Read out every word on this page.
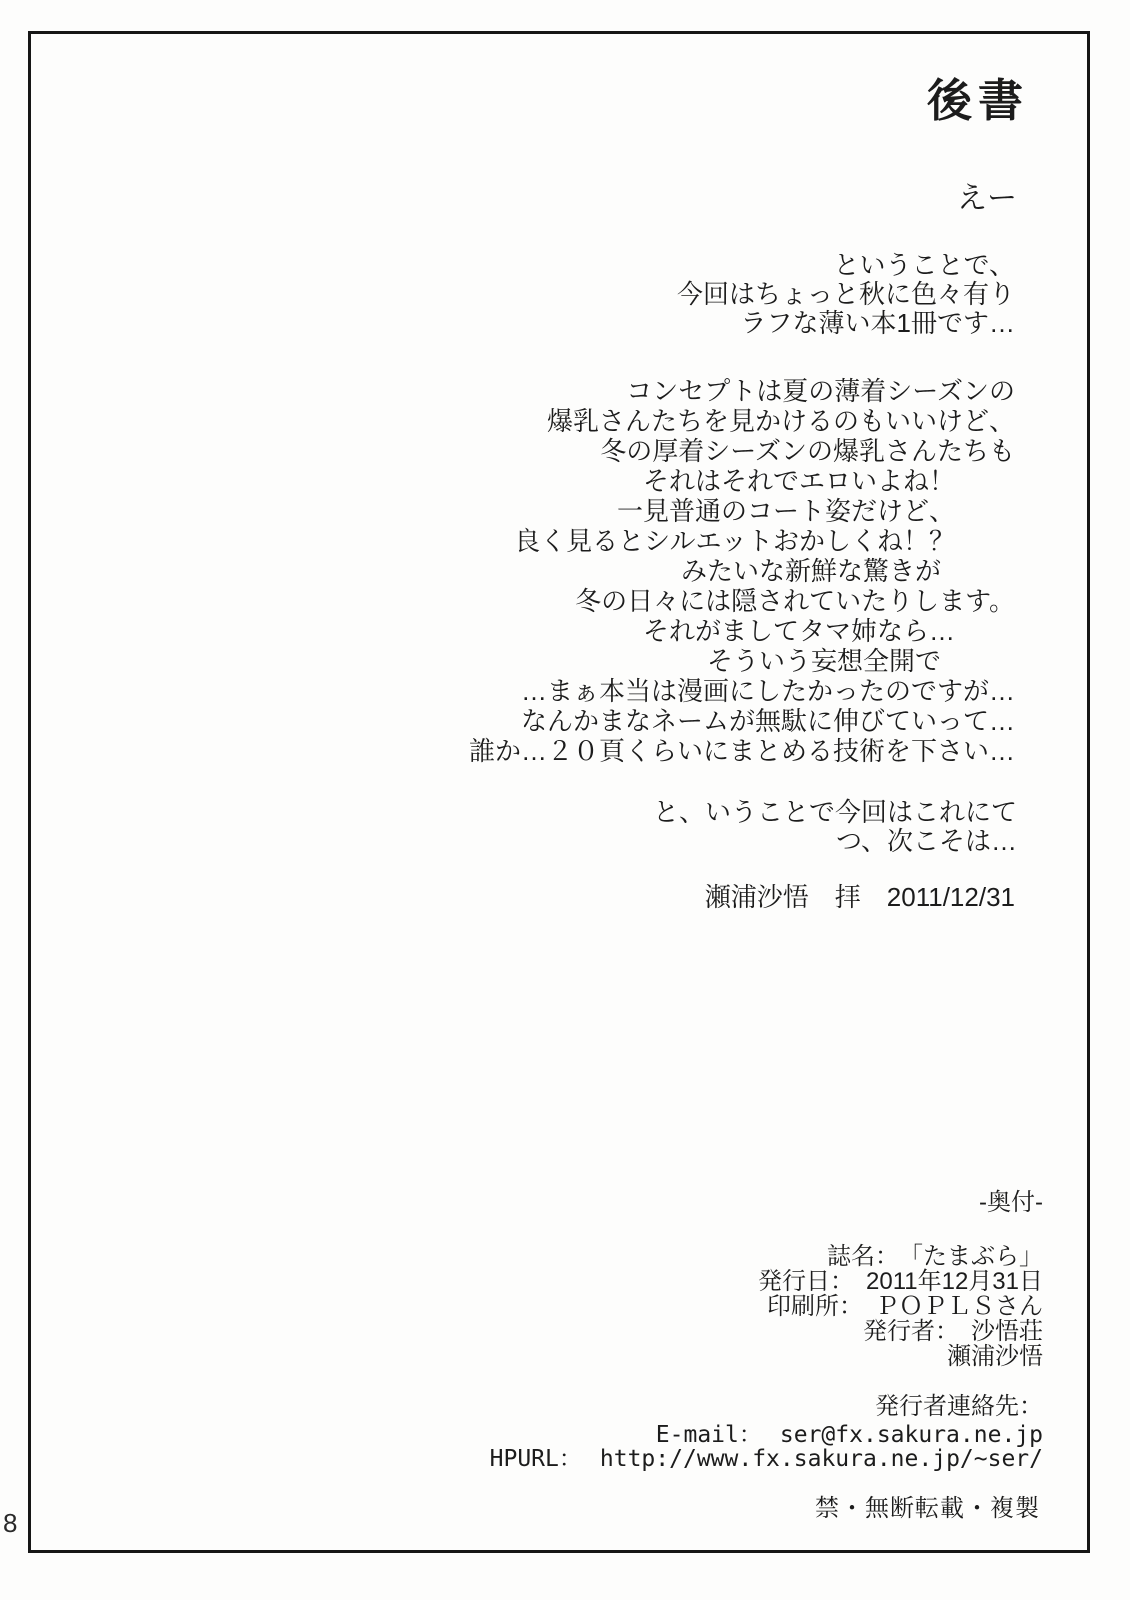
後書
えー
ということで、
今回はちょっと秋に色々有り
ラフな薄い本1冊です…
コンセプトは夏の薄着シーズンの
爆乳さんたちを見かけるのもいいけど、
冬の厚着シーズンの爆乳さんたちも
それはそれでエロいよね！
一見普通のコート姿だけど、
良く見るとシルエットおかしくね！？
みたいな新鮮な驚きが
冬の日々には隠されていたりします。
それがましてタマ姉なら…
そういう妄想全開で
…まぁ本当は漫画にしたかったのですが…
なんかまなネームが無駄に伸びていって…
誰か…２０頁くらいにまとめる技術を下さい…
と、いうことで今回はこれにて
つ、次こそは…
瀬浦沙悟　拝　2011/12/31
-奥付-
誌名：　「たまぶら」
発行日：　2011年12月31日
印刷所：　ＰＯＰＬＳさん
発行者：　沙悟荘
瀬浦沙悟
発行者連絡先：
E-mail： ser@fx.sakura.ne.jp
HPURL： http://www.fx.sakura.ne.jp/~ser/
禁・無断転載・複製
8
